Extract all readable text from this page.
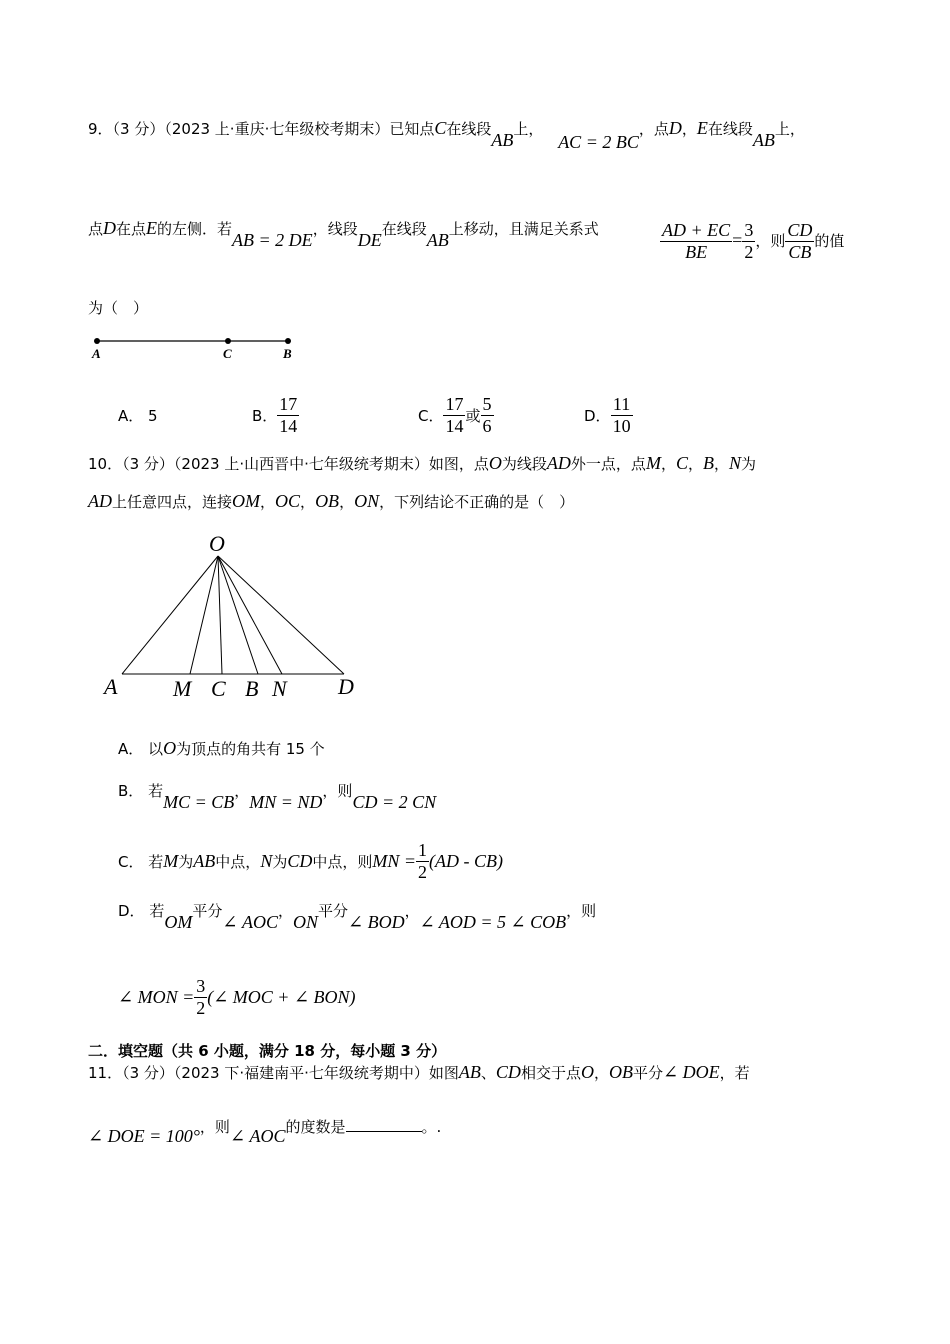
9．（3 分）（2023 上·重庆·七年级校考期末）已知点C在线段AB上， AC = 2 BC，点D，E在线段AB上，
点D在点E的左侧．若AB = 2 DE，线段DE在线段AB上移动，且满足关系式	$\frac{AD + EC}{BE} = \frac{3}{2}$ ，则 $\frac{CD}{CB}$ 的值
为（　）
A	C	B
A． 5	B． $\frac{17}{14}$	C． $\frac{17}{14}$ 或 $\frac{5}{6}$	D． $\frac{11}{10}$
10．（3 分）（2023 上·山西晋中·七年级统考期末）如图，点O为线段AD外一点，点M，C，B，N为
AD上任意四点，连接OM，OC，OB，ON，下列结论不正确的是（　）
O
A	M C B N D
A． 以O为顶点的角共有 15 个
B． 若MC = CB，MN = ND，则CD = 2 CN
C． 若M为AB中点，N为CD中点，则MN = $\frac{1}{2} (AD - CB)$
D． 若OM平分∠ AOC，ON平分∠ BOD，∠ AOD = 5 ∠ COB，则
∠ MON = $\frac{3}{2}$ (∠ MOC + ∠ BON)
二．填空题（共 6 小题，满分 18 分，每小题 3 分）
11．（3 分）（2023 下·福建南平·七年级统考期中）如图AB、CD相交于点O，OB平分∠ DOE，若
∠ DOE = 100°，则∠ AOC的度数是	。.
